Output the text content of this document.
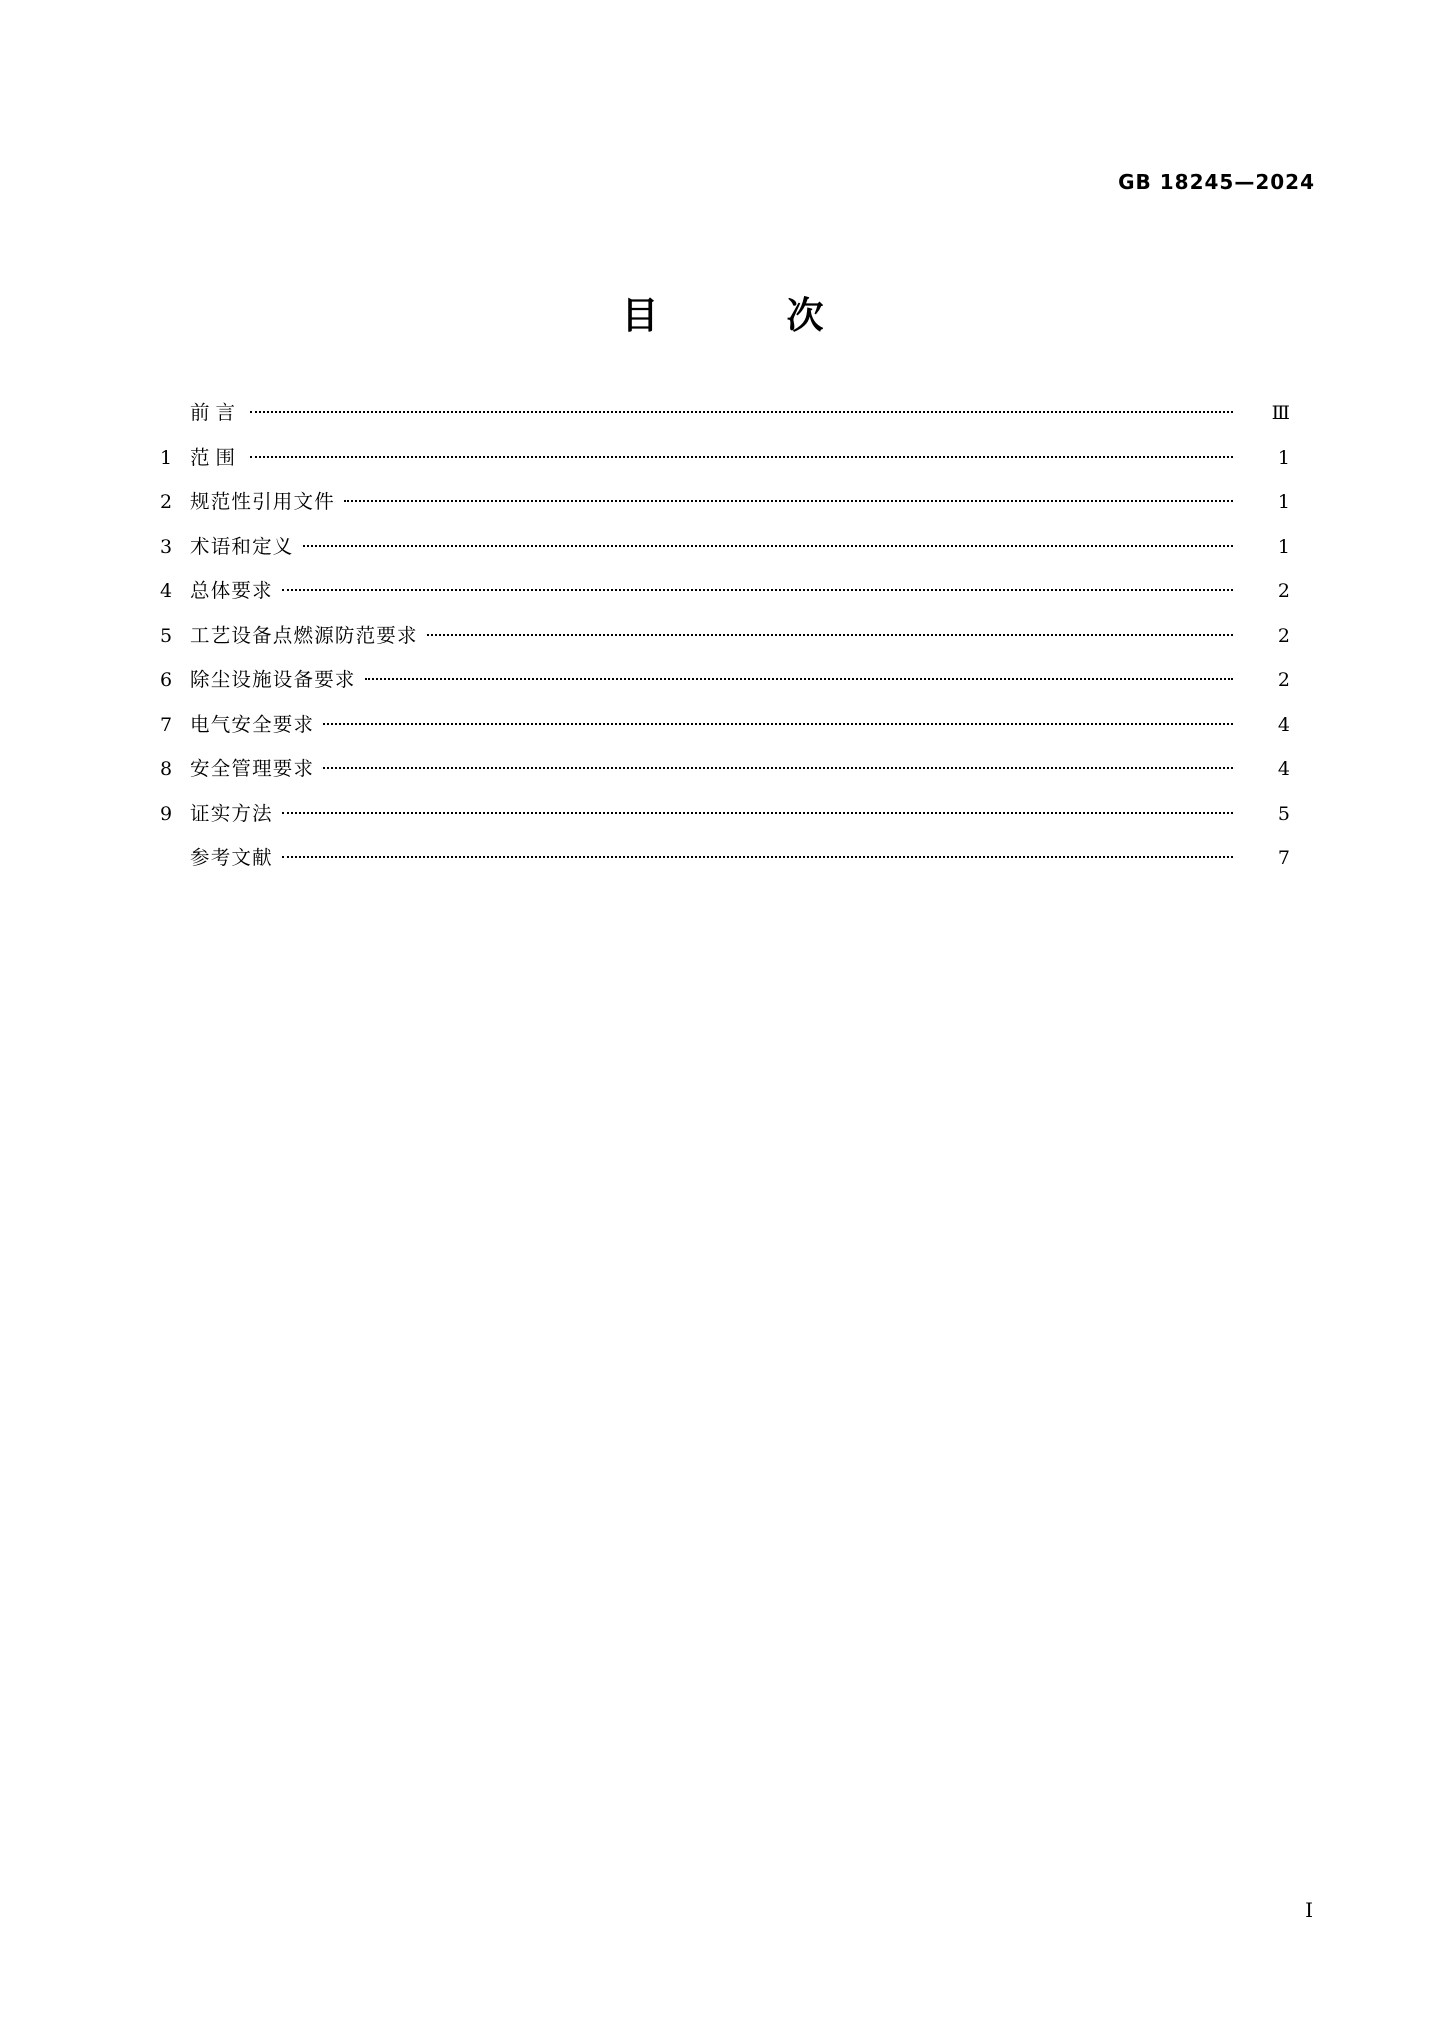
GB 18245—2024
目　　次
前言	Ⅲ
1 范围	1
2 规范性引用文件	1
3 术语和定义	1
4 总体要求	2
5 工艺设备点燃源防范要求	2
6 除尘设施设备要求	2
7 电气安全要求	4
8 安全管理要求	4
9 证实方法	5
参考文献	7
I
